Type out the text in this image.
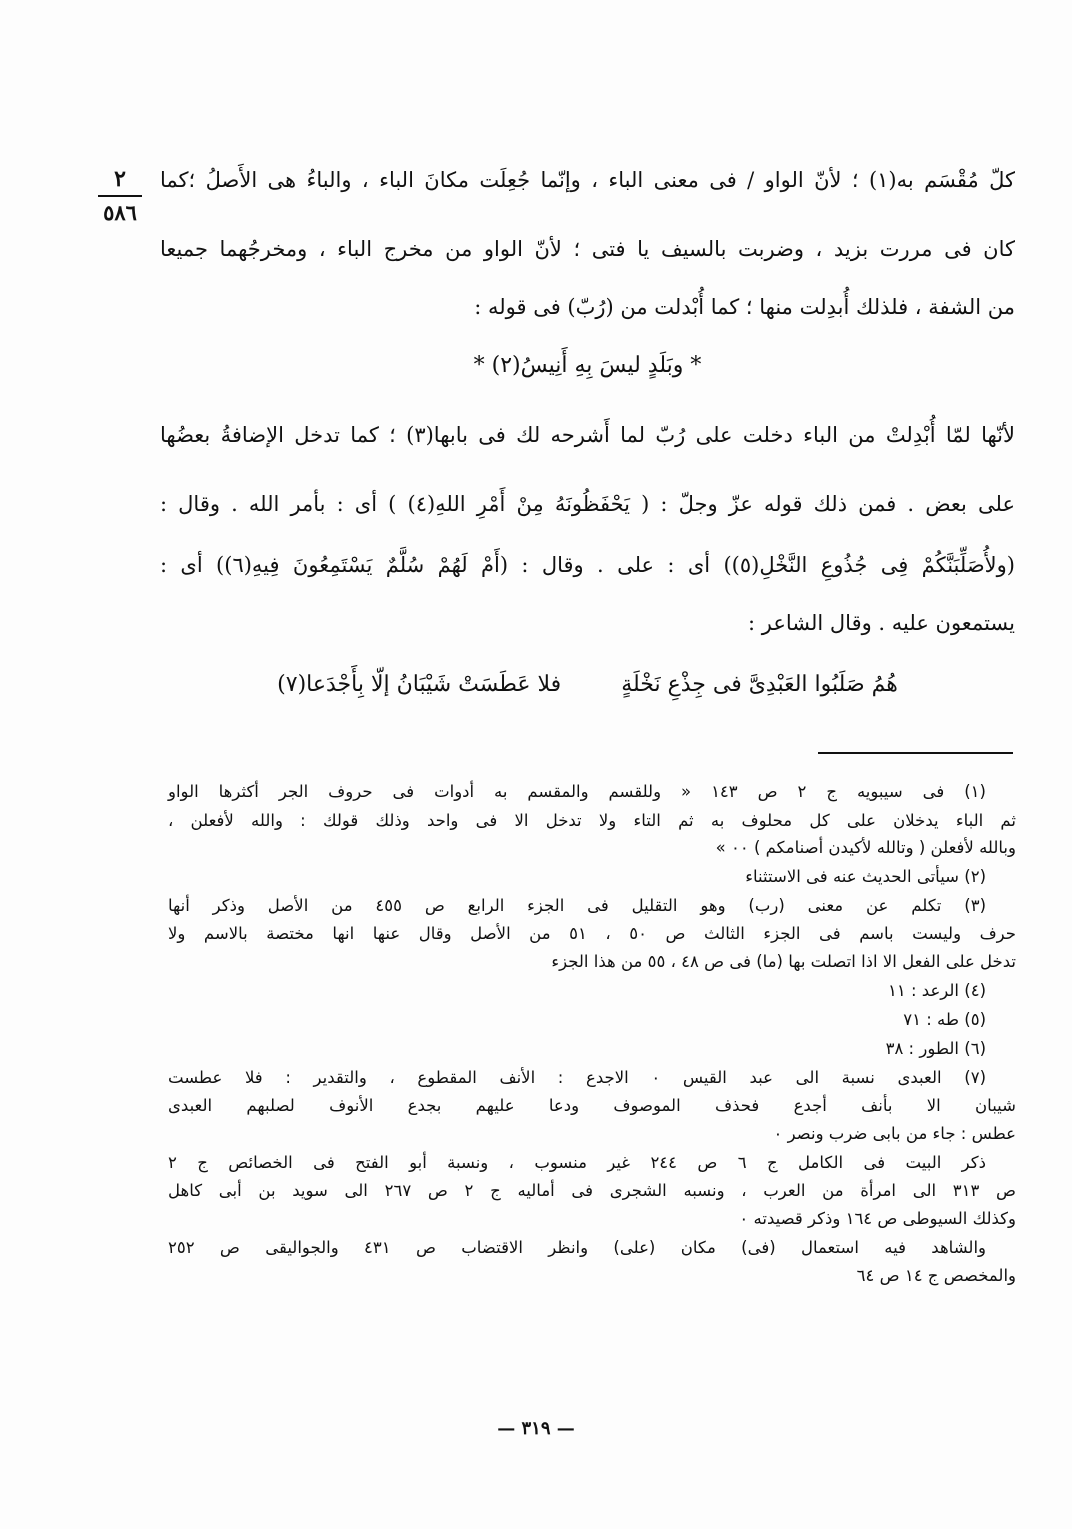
٢
٥٨٦

كلّ مُقْسَم به(١) ؛ لأنّ الواو / فى معنى الباء ، وإنّما جُعِلَت مكانَ الباء ، والباءُ هى الأَصلُ ؛كما

كان فى مررت بزيد ، وضربت بالسيف يا فتى ؛ لأنّ الواو من مخرج الباء ، ومخرجُهما جميعا

من الشفة ، فلذلك أُبدِلت منها ؛ كما أُبْدلت من (رُبّ) فى قوله :

* وبَلَدٍ ليسَ بِهِ أَنِيسُ(٢) *

لأنّها لمّا أُبْدِلتْ من الباء دخلت على رُبّ لما أَشرحه لك فى بابها(٣) ؛ كما تدخل الإضافةُ بعضُها

على بعض . فمن ذلك قوله عزّ وجلّ : ( يَحْفَظُونَهُ مِنْ أَمْرِ اللهِ(٤) ) أى : بأمر الله . وقال :

(ولأُصَلِّبَنَّكُمْ فِى جُذُوعِ النَّخْلِ(٥)) أى : على . وقال : (أَمْ لَهُمْ سُلَّمٌ يَسْتَمِعُونَ فِيهِ(٦)) أى :

يستمعون عليه . وقال الشاعر :

هُمُ صَلَبُوا العَبْدِىَّ فى جِذْعِ نَخْلَةٍ
فلا عَطَسَتْ شَيْبَانُ إلّا بِأَجْدَعا(٧)

(١) فى سيبويه ج ٢ ص ١٤٣ « وللقسم والمقسم به أدوات فى حروف الجر أكثرها الواو

ثم الباء يدخلان على كل محلوف به ثم التاء ولا تدخل الا فى واحد وذلك قولك : والله لأفعلن ،

وبالله لأفعلن ( وتالله لأكيدن أصنامكم ) ٠٠ »

(٢) سيأتى الحديث عنه فى الاستثناء

(٣) تكلم عن معنى (رب) وهو التقليل فى الجزء الرابع ص ٤٥٥ من الأصل وذكر أنها

حرف وليست باسم فى الجزء الثالث ص ٥٠ ، ٥١ من الأصل وقال عنها انها مختصة بالاسم ولا

تدخل على الفعل الا اذا اتصلت بها (ما) فى ص ٤٨ ، ٥٥ من هذا الجزء

(٤) الرعد : ١١

(٥) طه : ٧١

(٦) الطور : ٣٨

(٧) العبدى نسبة الى عبد القيس ٠ الاجدع : الأنف المقطوع ، والتقدير : فلا عطست

شيبان الا بأنف أجدع فحذف الموصوف ودعا عليهم بجدع الأنوف لصلبهم العبدى

عطس : جاء من بابى ضرب ونصر ٠

ذكر البيت فى الكامل ج ٦ ص ٢٤٤ غير منسوب ، ونسبة أبو الفتح فى الخصائص ج ٢

ص ٣١٣ الى امرأة من العرب ، ونسبه الشجرى فى أماليه ج ٢ ص ٢٦٧ الى سويد بن أبى كاهل

وكذلك السيوطى ص ١٦٤ وذكر قصيدته ٠

والشاهد فيه استعمال (فى) مكان (على) وانظر الاقتضاب ص ٤٣١ والجواليقى ص ٢٥٢

والمخصص ج ١٤ ص ٦٤

— ٣١٩ —
